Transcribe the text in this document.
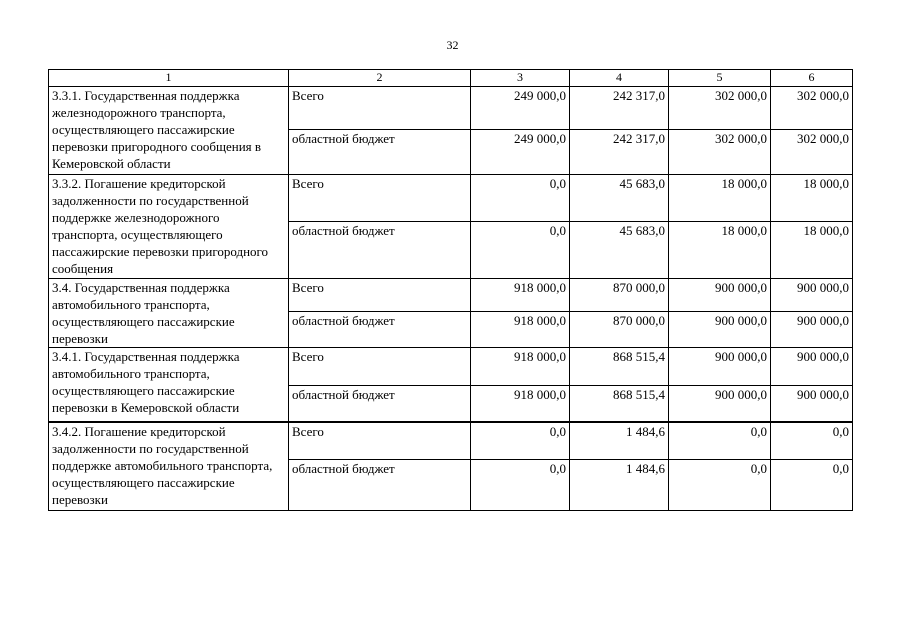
32
1	2	3	4	5	6
3.3.1. Государственная поддержка железнодорожного транспорта, осуществляющего пассажирские перевозки пригородного сообщения в Кемеровской области	Всего	249 000,0	242 317,0	302 000,0	302 000,0
	областной бюджет	249 000,0	242 317,0	302 000,0	302 000,0
3.3.2. Погашение кредиторской задолженности по государственной поддержке железнодорожного транспорта, осуществляющего пассажирские перевозки пригородного сообщения	Всего	0,0	45 683,0	18 000,0	18 000,0
	областной бюджет	0,0	45 683,0	18 000,0	18 000,0
3.4. Государственная поддержка автомобильного транспорта, осуществляющего пассажирские перевозки	Всего	918 000,0	870 000,0	900 000,0	900 000,0
	областной бюджет	918 000,0	870 000,0	900 000,0	900 000,0
3.4.1. Государственная поддержка автомобильного транспорта, осуществляющего пассажирские перевозки в Кемеровской области	Всего	918 000,0	868 515,4	900 000,0	900 000,0
	областной бюджет	918 000,0	868 515,4	900 000,0	900 000,0
3.4.2. Погашение кредиторской задолженности по государственной поддержке автомобильного транспорта, осуществляющего пассажирские перевозки	Всего	0,0	1 484,6	0,0	0,0
	областной бюджет	0,0	1 484,6	0,0	0,0
